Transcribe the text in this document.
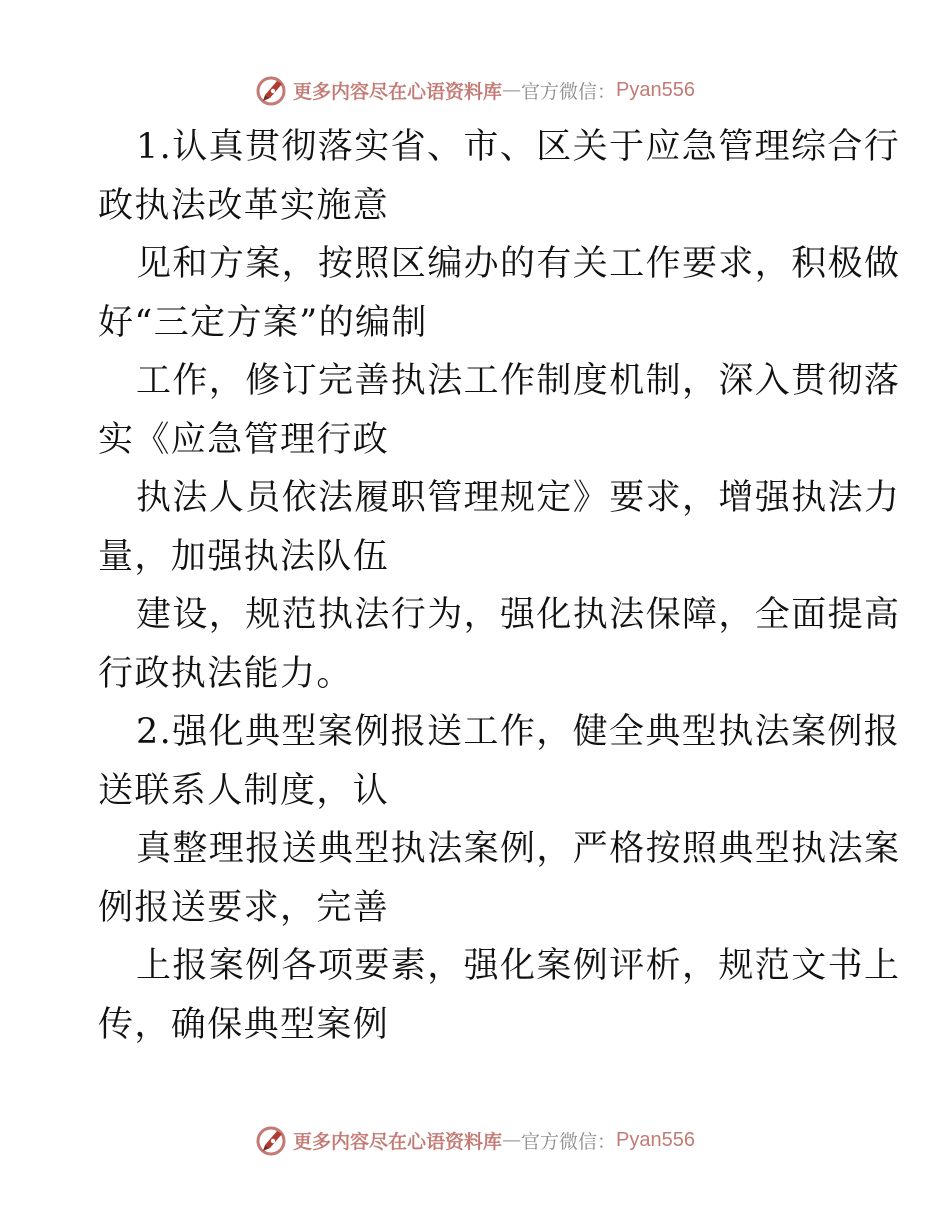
更多内容尽在心语资料库 — 官方微信： Pyan556

1.认真贯彻落实省、市、区关于应急管理综合行
政执法改革实施意

见和方案，按照区编办的有关工作要求，积极做
好“三定方案”的编制

工作，修订完善执法工作制度机制，深入贯彻落
实《应急管理行政

执法人员依法履职管理规定》要求，增强执法力
量，加强执法队伍

建设，规范执法行为，强化执法保障，全面提高
行政执法能力。

2.强化典型案例报送工作，健全典型执法案例报
送联系人制度，认

真整理报送典型执法案例，严格按照典型执法案
例报送要求，完善

上报案例各项要素，强化案例评析，规范文书上
传，确保典型案例

更多内容尽在心语资料库 — 官方微信： Pyan556
